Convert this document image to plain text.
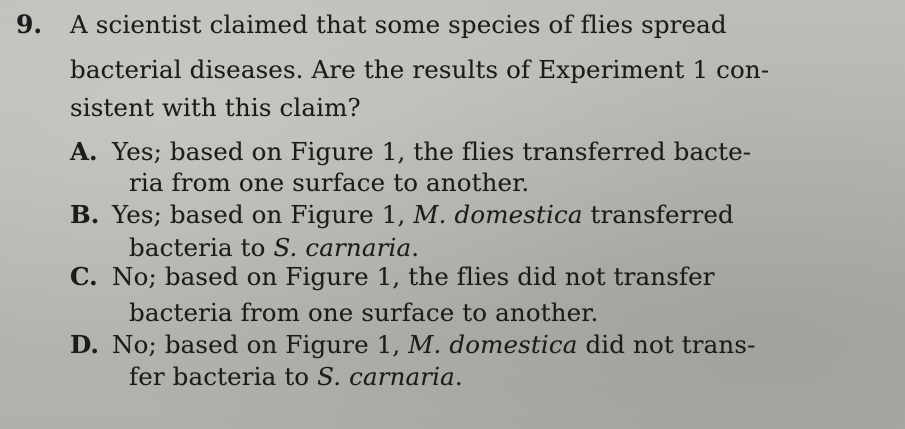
9. A scientist claimed that some species of flies spread
bacterial diseases. Are the results of Experiment 1 con-
sistent with this claim?
A. Yes; based on Figure 1, the flies transferred bacte-
ria from one surface to another.
B. Yes; based on Figure 1, M. domestica transferred
bacteria to S. carnaria.
C. No; based on Figure 1, the flies did not transfer
bacteria from one surface to another.
D. No; based on Figure 1, M. domestica did not trans-
fer bacteria to S. carnaria.
